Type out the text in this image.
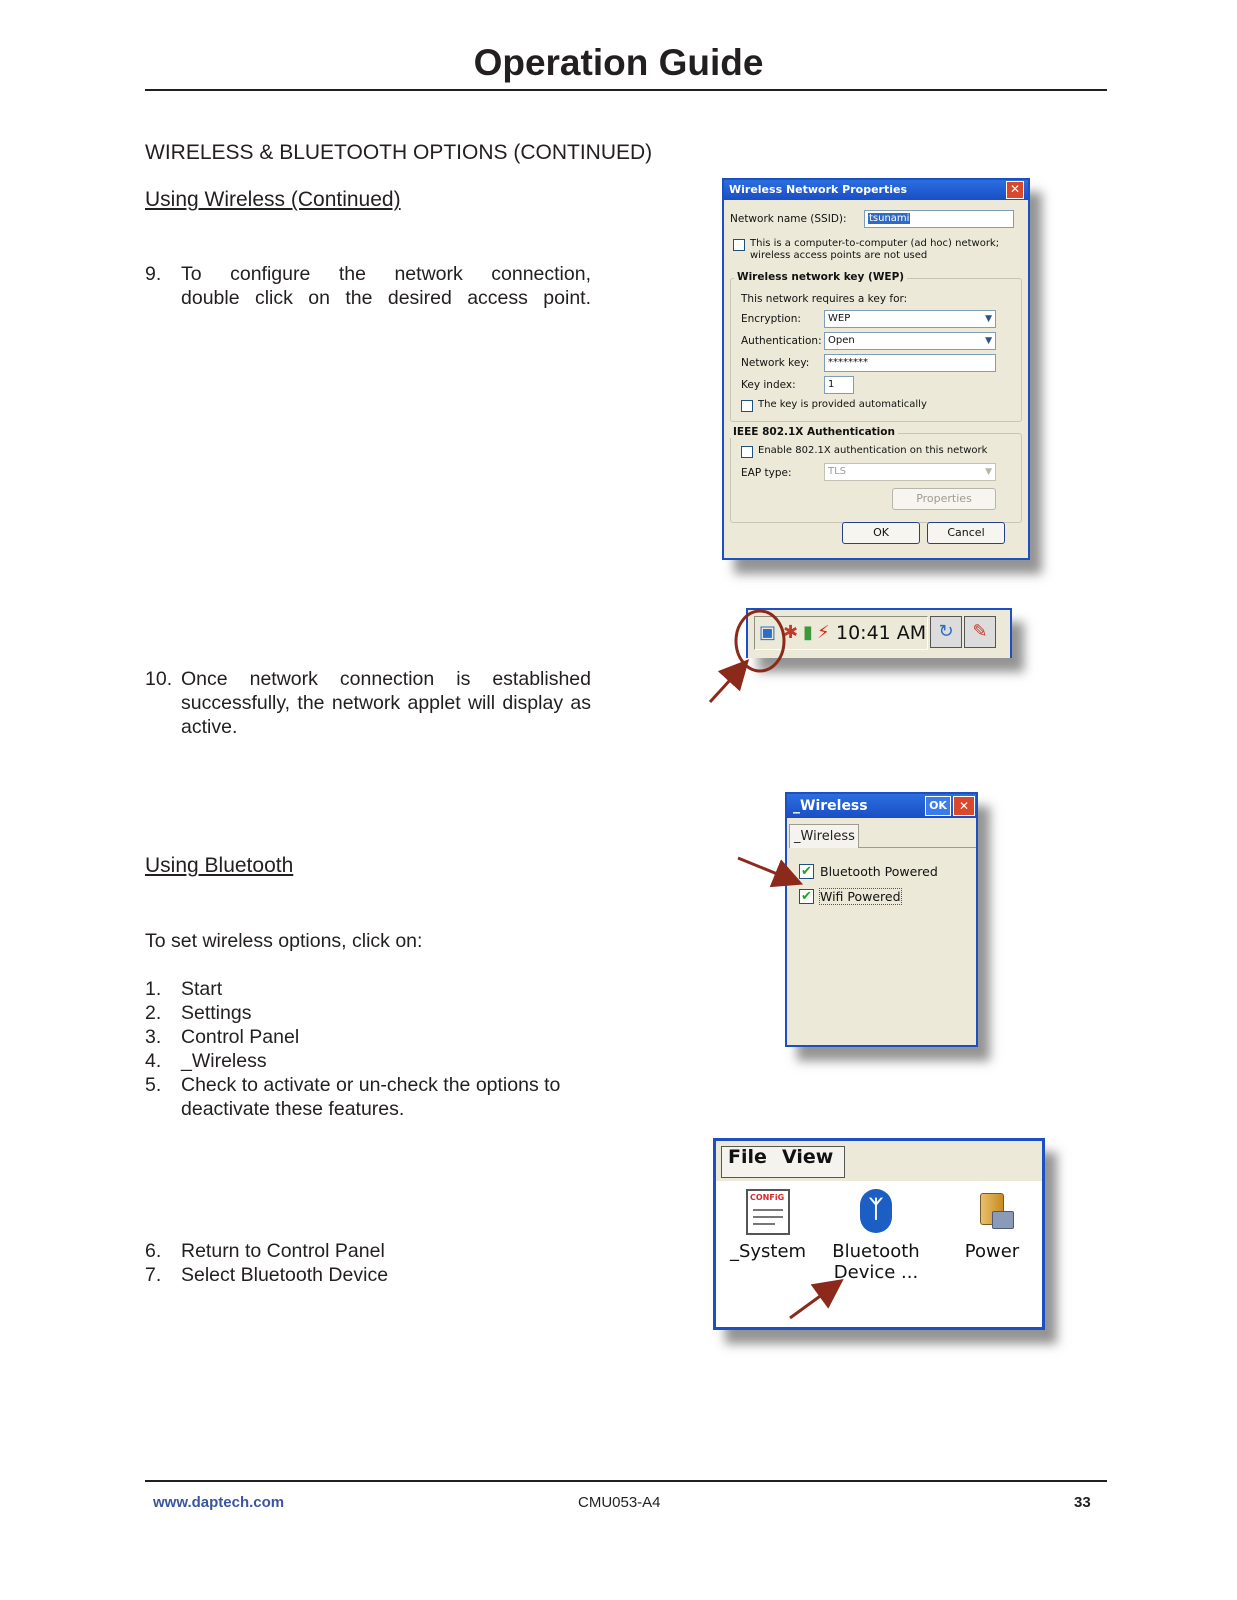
Operation Guide
WIRELESS & BLUETOOTH OPTIONS (CONTINUED)
Using Wireless (Continued)
9.	To configure the network connection,
double click on the desired access point.
10. Once network connection is established
successfully, the network applet will display as
active.
Using Bluetooth
To set wireless options, click on:
1.	Start
2.	Settings
3.	Control Panel
4.	_Wireless
5.	Check to activate or un-check the options to
deactivate these features.
6.	Return to Control Panel
7.	Select Bluetooth Device
Wireless Network Properties	✕
Network name (SSID):	tsunami
This is a computer-to-computer (ad hoc) network;
wireless access points are not used
Wireless network key (WEP)
This network requires a key for:
Encryption:	WEP	▼
Authentication: Open	▼
Network key:	********
Key index:	1
The key is provided automatically
IEEE 802.1X Authentication
Enable 802.1X authentication on this network
EAP type:	TLS	▼
Properties
OK	Cancel
▣ ✱ ▮ ⚡ 10:41 AM ↻	✎
_Wireless	OK	✕
_Wireless
✔ Bluetooth Powered
✔ Wifi Powered
File View
CONFiG
_System
ᛉ
Bluetooth
Device ...
Power
www.daptech.com	CMU053-A4	33
